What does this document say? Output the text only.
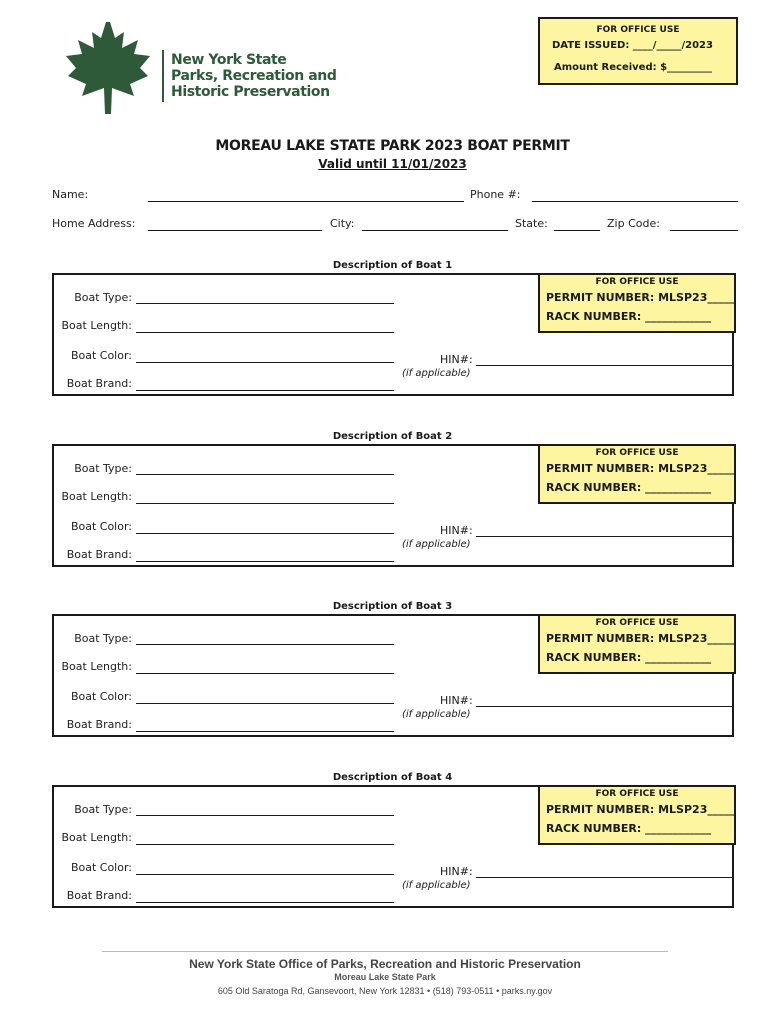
New York State
Parks, Recreation and
Historic Preservation
FOR OFFICE USE
DATE ISSUED: ____/_____/2023
Amount Received: $_________
MOREAU LAKE STATE PARK 2023 BOAT PERMIT
Valid until 11/01/2023
Name:	Phone #:
Home Address:	City:	State:	Zip Code:
Description of Boat 1
Boat Type:
Boat Length:
Boat Color:
Boat Brand:
HIN#:
(if applicable)
FOR OFFICE USE
PERMIT NUMBER: MLSP23_____
RACK NUMBER: ____________
Description of Boat 2
Boat Type:
Boat Length:
Boat Color:
Boat Brand:
HIN#:
(if applicable)
FOR OFFICE USE
PERMIT NUMBER: MLSP23_____
RACK NUMBER: ____________
Description of Boat 3
Boat Type:
Boat Length:
Boat Color:
Boat Brand:
HIN#:
(if applicable)
FOR OFFICE USE
PERMIT NUMBER: MLSP23_____
RACK NUMBER: ____________
Description of Boat 4
Boat Type:
Boat Length:
Boat Color:
Boat Brand:
HIN#:
(if applicable)
FOR OFFICE USE
PERMIT NUMBER: MLSP23_____
RACK NUMBER: ____________
New York State Office of Parks, Recreation and Historic Preservation
Moreau Lake State Park
605 Old Saratoga Rd, Gansevoort, New York 12831 • (518) 793-0511 • parks.ny.gov
